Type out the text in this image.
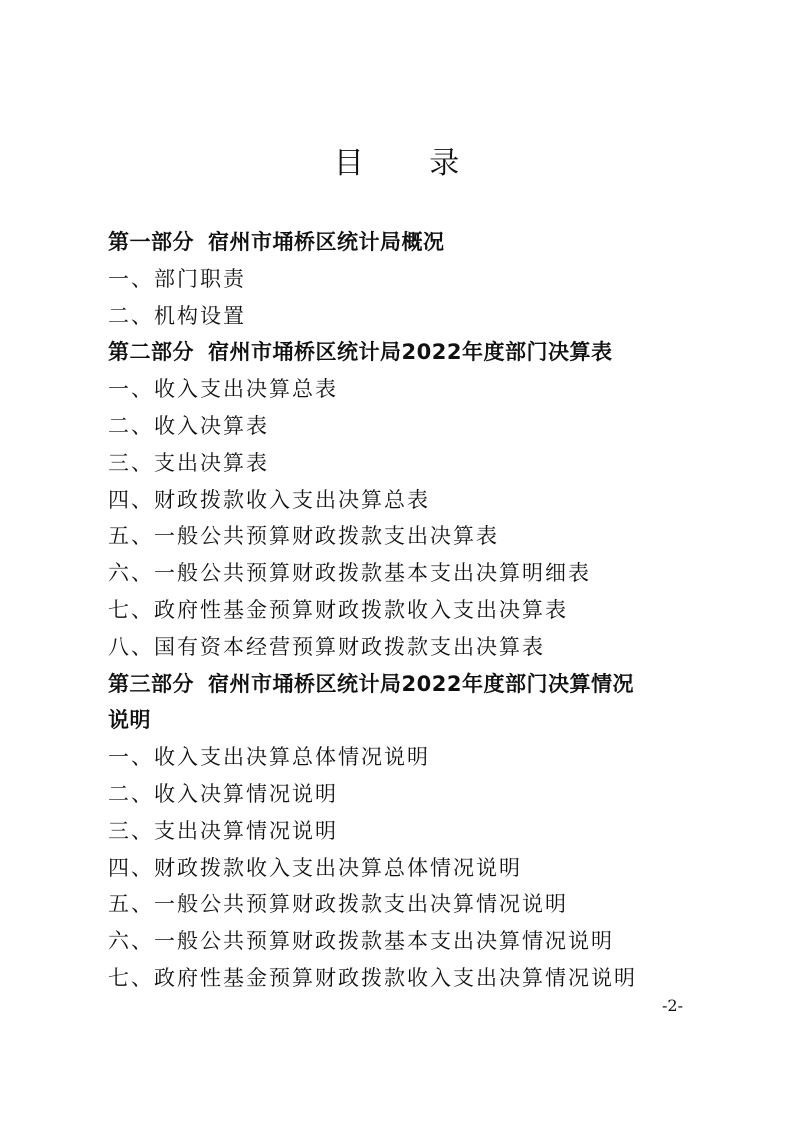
目 录
第一部分 宿州市埇桥区统计局概况
一、部门职责
二、机构设置
第二部分 宿州市埇桥区统计局2022年度部门决算表
一、收入支出决算总表
二、收入决算表
三、支出决算表
四、财政拨款收入支出决算总表
五、一般公共预算财政拨款支出决算表
六、一般公共预算财政拨款基本支出决算明细表
七、政府性基金预算财政拨款收入支出决算表
八、国有资本经营预算财政拨款支出决算表
第三部分 宿州市埇桥区统计局2022年度部门决算情况
说明
一、收入支出决算总体情况说明
二、收入决算情况说明
三、支出决算情况说明
四、财政拨款收入支出决算总体情况说明
五、一般公共预算财政拨款支出决算情况说明
六、一般公共预算财政拨款基本支出决算情况说明
七、政府性基金预算财政拨款收入支出决算情况说明
-2-
